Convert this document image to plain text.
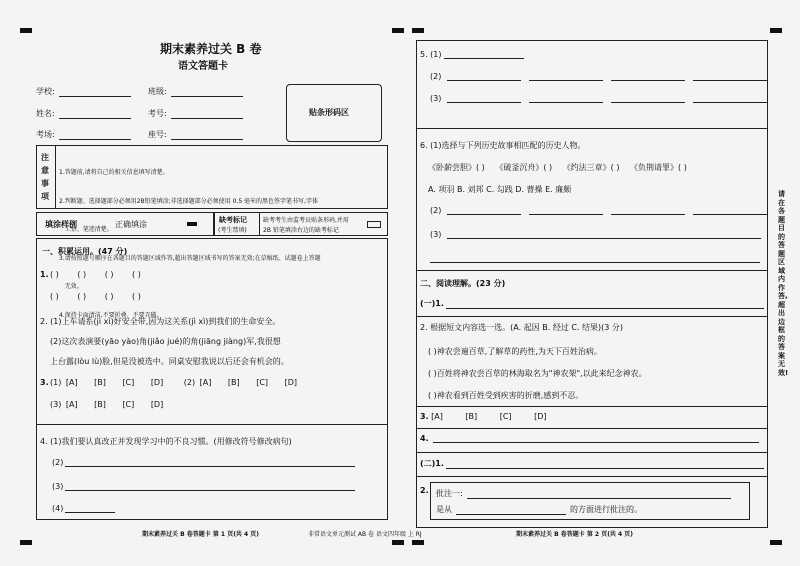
期末素养过关 B 卷
语文答题卡
学校:	班级:
姓名:	考号:
考场:	座号:
贴条形码区
注
意
事
项

1.答题前,请将自己的相关信息填写清楚。

2.判断题、选择题部分必须用2B铅笔填涂;非选择题部分必须使用 0.5 毫米的黑色签字笔书写,字体

工整、笔迹清楚。

3.请按照题号顺序在各题目的答题区域作答,超出答题区域书写的答案无效;在草稿纸、试题卷上答题

无效。

4.保持卡面清洁,不要折叠、不要弄破。

填涂样例	正确填涂	缺考标记
(考生禁填)
缺考考生由监考员贴条形码,并用
2B 铅笔填涂右边的缺考标记
一、积累运用。(47 分)
1. ( ) ( ) ( ) ( )
( ) ( ) ( ) ( )
2. (1)上车请系(jì xì)好安全带,因为这关系(jì xì)到我们的生命安全。
(2)这次表演要(yāo yào)角(jiǎo jué)的角(jiāng jiàng)军,我很想
上台露(lòu lù)脸,但是没被选中。同桌安慰我说以后还会有机会的。
3. (1) [A] [B] [C] [D]	(2) [A] [B] [C] [D]
(3) [A] [B] [C] [D]
4. (1)我们要认真改正并发现学习中的不良习惯。(用修改符号修改病句)
(2)
(3)
(4)
期末素养过关 B 卷答题卡 第 1 页(共 4 页)	非常语文单元测试 AB 卷 语文四年级 上 RJ
5. (1)
(2)
(3)
6. (1)选择与下列历史故事相匹配的历史人物。
《卧薪尝胆》( ) 《破釜沉舟》( ) 《约法三章》( ) 《负荆请罪》( )
A. 项羽 B. 刘邦 C. 勾践 D. 曹操 E. 廉颇
(2)
(3)
二、阅读理解。(23 分)
(一)1.
2. 根据短文内容选一选。(A. 起因 B. 经过 C. 结果)(3 分)
( )神农尝遍百草,了解草的药性,为天下百姓治病。
( )百姓将神农尝百草的林海取名为"神农架",以此来纪念神农。
( )神农看到百姓受到疾害的折磨,感到不忍。
3. [A]	[B]	[C]	[D]
4.
(二)1.
2. 批注一:
是从	的方面进行批注的。
期末素养过关 B 卷答题卡 第 2 页(共 4 页)
请在各题目的答题区域内作答,超出边框的答案无效!
